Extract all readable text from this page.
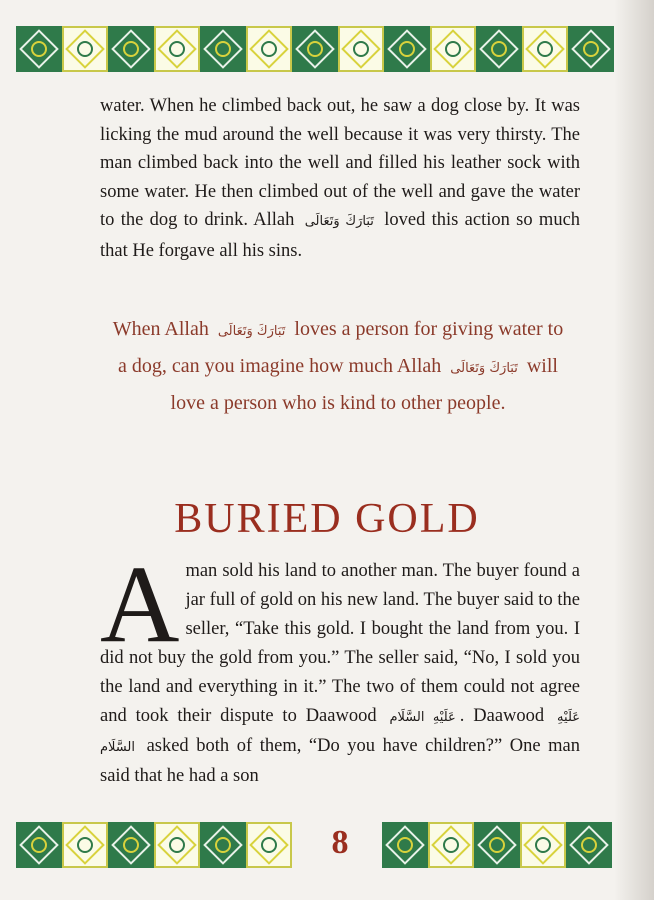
water. When he climbed back out, he saw a dog close by. It was licking the mud around the well because it was very thirsty. The man climbed back into the well and filled his leather sock with some water. He then climbed out of the well and gave the water to the dog to drink. Allah تَبَارَكَ وَتَعَالَى loved this action so much that He forgave all his sins.

When Allah تَبَارَكَ وَتَعَالَى loves a person for giving water to a dog, can you imagine how much Allah تَبَارَكَ وَتَعَالَى will love a person who is kind to other people.

BURIED GOLD

A man sold his land to another man. The buyer found a jar full of gold on his new land. The buyer said to the seller, “Take this gold. I bought the land from you. I did not buy the gold from you.” The seller said, “No, I sold you the land and everything in it.” The two of them could not agree and took their dispute to Daawood عَلَيْهِ السَّلَام . Daawood عَلَيْهِ السَّلَام asked both of them, “Do you have children?” One man said that he had a son

8
